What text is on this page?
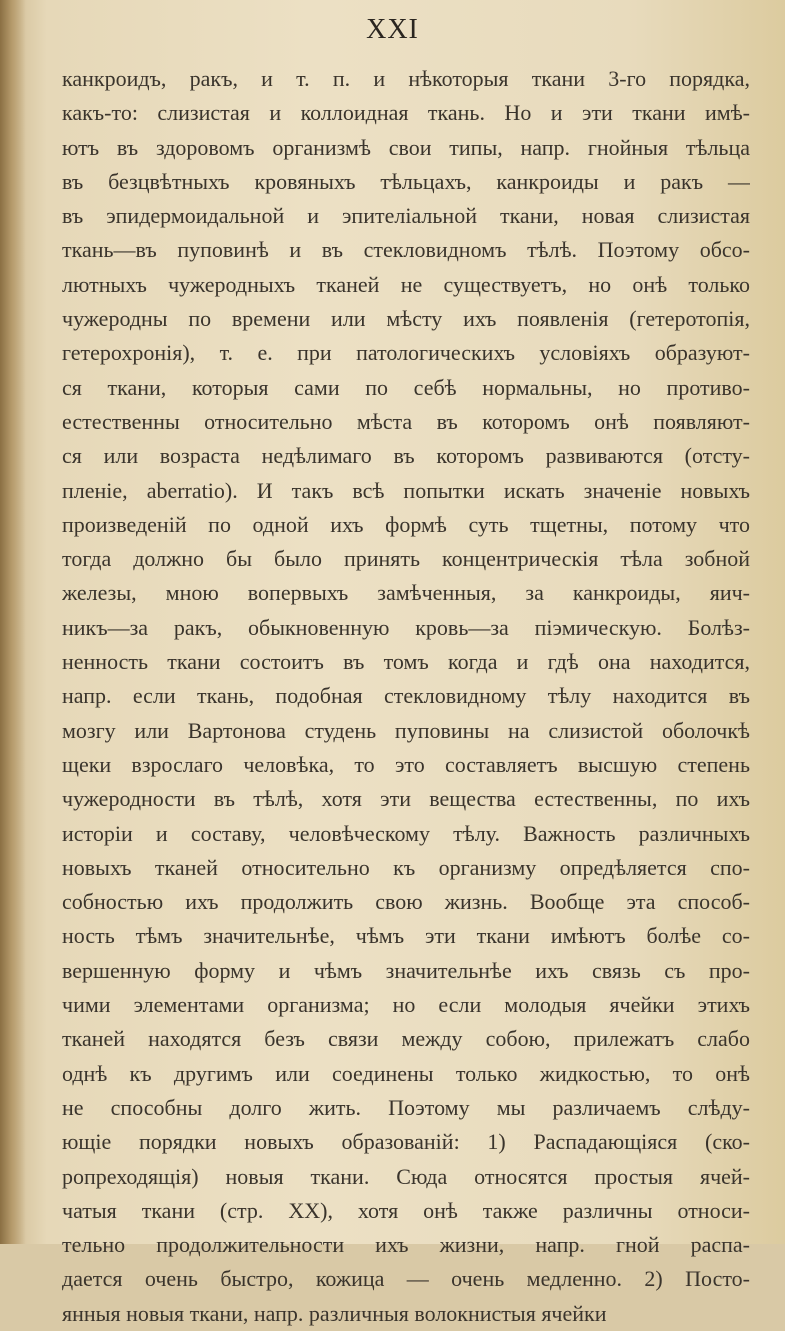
XXI
канкроидъ, ракъ, и т. п. и нѣкоторыя ткани 3-го порядка,
какъ-то: слизистая и коллоидная ткань. Но и эти ткани имѣ-
ютъ въ здоровомъ организмѣ свои типы, напр. гнойныя тѣльца
въ безцвѣтныхъ кровяныхъ тѣльцахъ, канкроиды и ракъ —
въ эпидермоидальной и эпителіальной ткани, новая слизистая
ткань—въ пуповинѣ и въ стекловидномъ тѣлѣ. Поэтому обсо-
лютныхъ чужеродныхъ тканей не существуетъ, но онѣ только
чужеродны по времени или мѣсту ихъ появленія (гетеротопія,
гетерохронія), т. е. при патологическихъ условіяхъ образуют-
ся ткани, которыя сами по себѣ нормальны, но противо-
естественны относительно мѣста въ которомъ онѣ появляют-
ся или возраста недѣлимаго въ которомъ развиваются (отсту-
пленіе, aberratio). И такъ всѣ попытки искать значеніе новыхъ
произведеній по одной ихъ формѣ суть тщетны, потому что
тогда должно бы было принять концентрическія тѣла зобной
железы, мною вопервыхъ замѣченныя, за канкроиды, яич-
никъ—за ракъ, обыкновенную кровь—за піэмическую. Болѣз-
ненность ткани состоитъ въ томъ когда и гдѣ она находится,
напр. если ткань, подобная стекловидному тѣлу находится въ
мозгу или Вартонова студень пуповины на слизистой оболочкѣ
щеки взрослаго человѣка, то это составляетъ высшую степень
чужеродности въ тѣлѣ, хотя эти вещества естественны, по ихъ
исторіи и составу, человѣческому тѣлу. Важность различныхъ
новыхъ тканей относительно къ организму опредѣляется спо-
собностью ихъ продолжить свою жизнь. Вообще эта способ-
ность тѣмъ значительнѣе, чѣмъ эти ткани имѣютъ болѣе со-
вершенную форму и чѣмъ значительнѣе ихъ связь съ про-
чими элементами организма; но если молодыя ячейки этихъ
тканей находятся безъ связи между собою, прилежатъ слабо
однѣ къ другимъ или соединены только жидкостью, то онѣ
не способны долго жить. Поэтому мы различаемъ слѣду-
ющіе порядки новыхъ образованій: 1) Распадающіяся (ско-
ропреходящія) новыя ткани. Сюда относятся простыя ячей-
чатыя ткани (стр. XX), хотя онѣ также различны относи-
тельно продолжительности ихъ жизни, напр. гной распа-
дается очень быстро, кожица — очень медленно. 2) Посто-
янныя новыя ткани, напр. различныя волокнистыя ячейки
